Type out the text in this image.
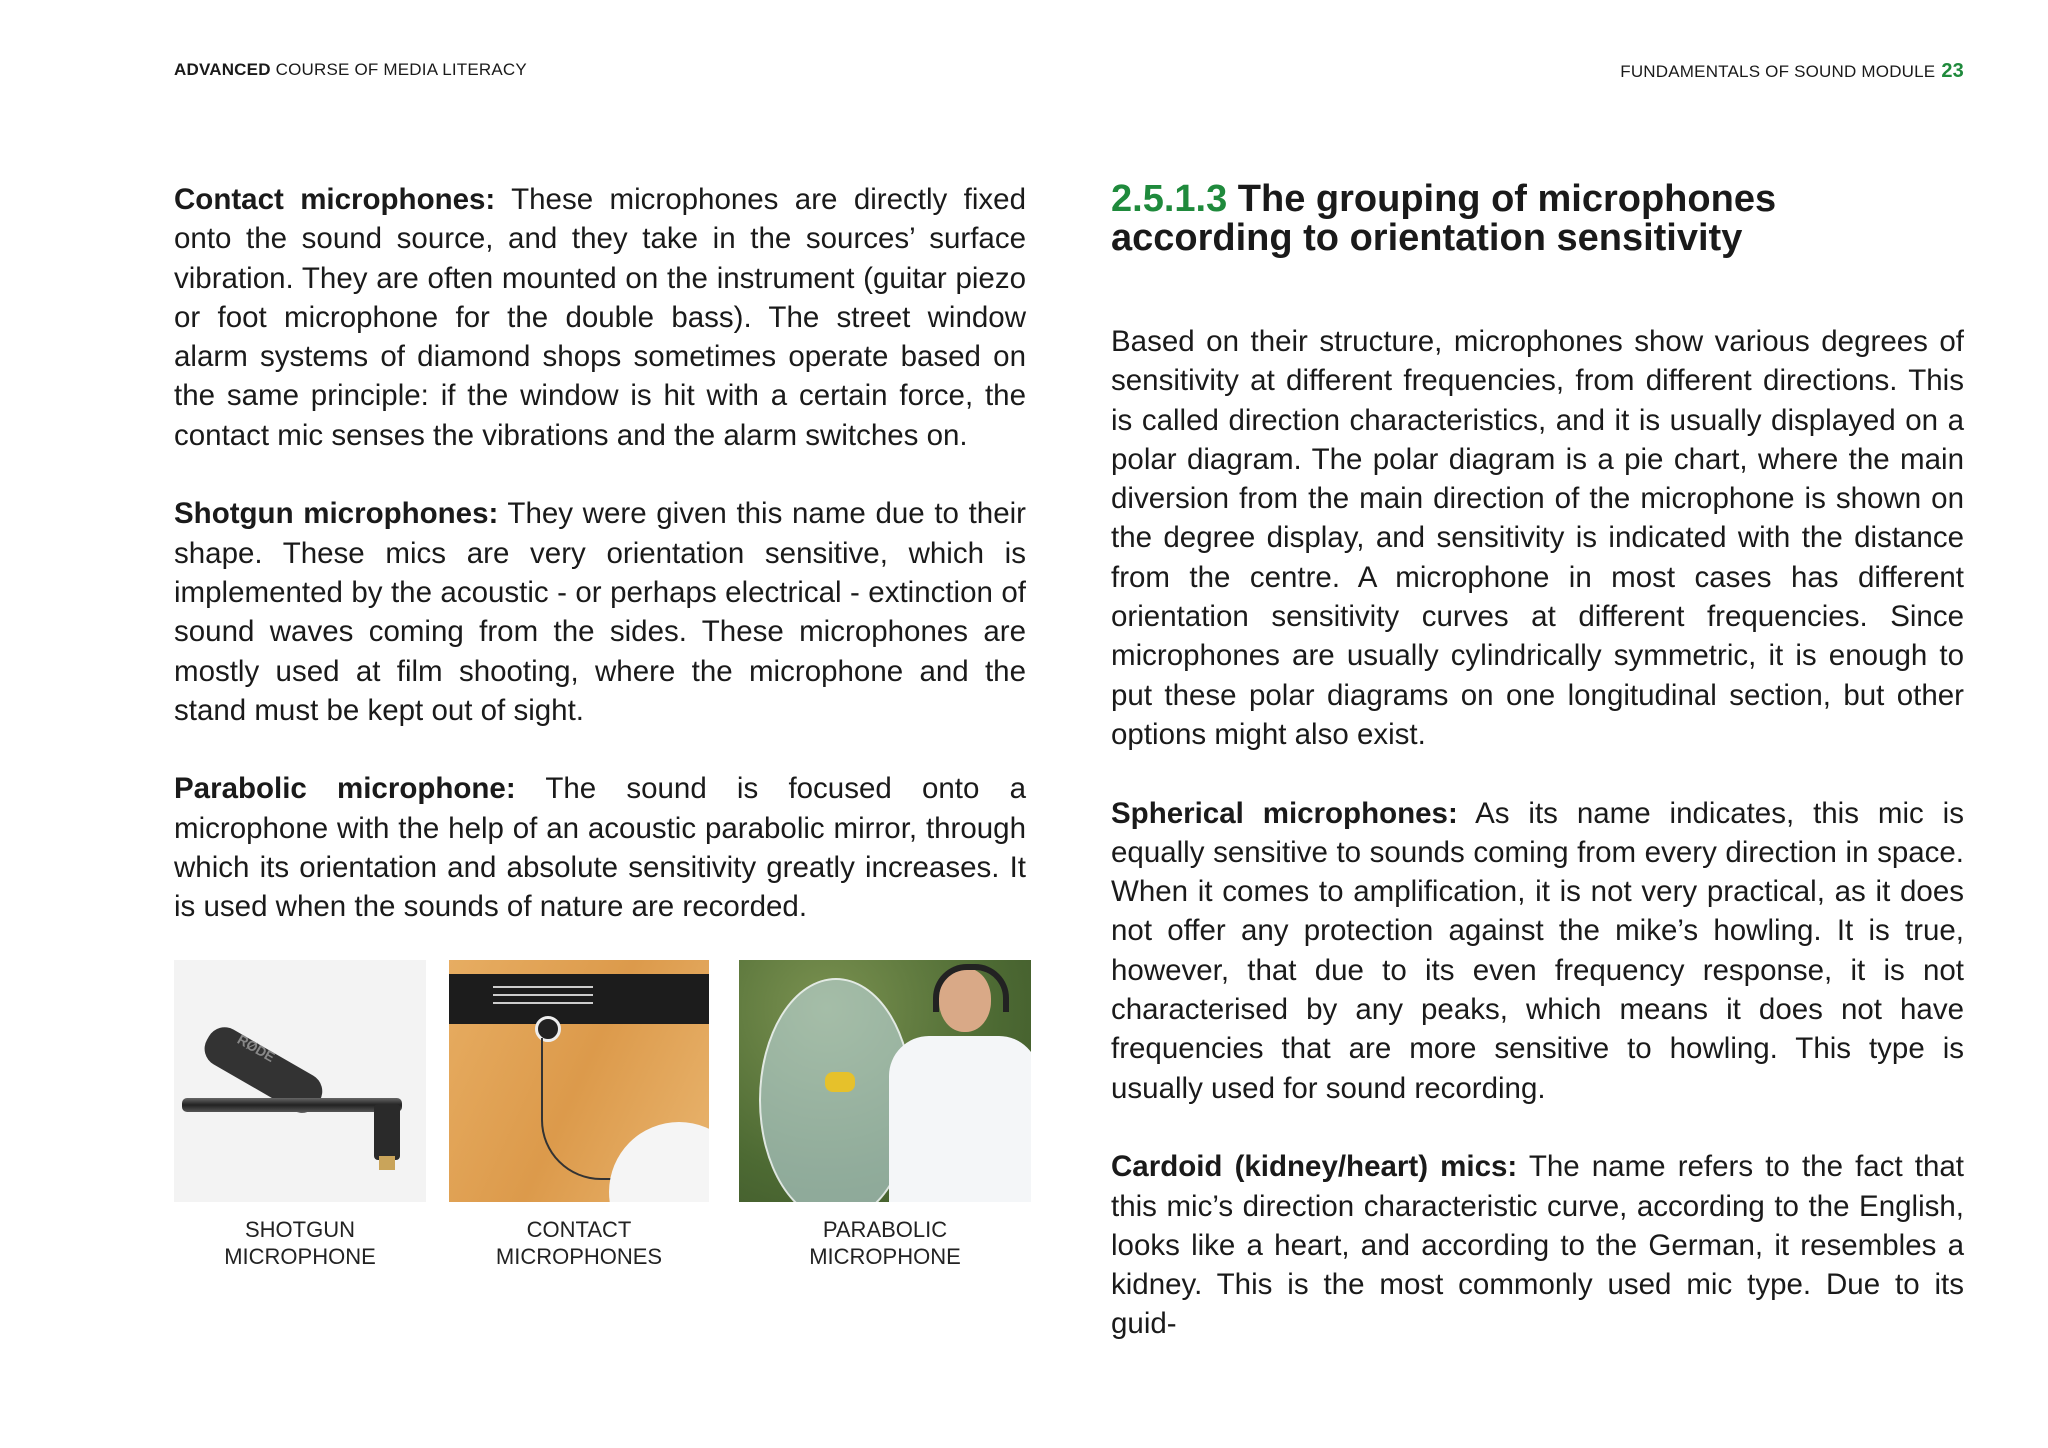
ADVANCED COURSE OF MEDIA LITERACY	FUNDAMENTALS OF SOUND MODULE 23

Contact microphones: These microphones are directly fixed onto the sound source, and they take in the sources’ surface vibration. They are often mounted on the instrument (guitar piezo or foot microphone for the double bass). The street window alarm systems of diamond shops sometimes operate based on the same principle: if the window is hit with a certain force, the contact mic senses the vibrations and the alarm switches on.

Shotgun microphones: They were given this name due to their shape. These mics are very orientation sensitive, which is implemented by the acoustic - or perhaps electrical - extinction of sound waves coming from the sides. These microphones are mostly used at film shooting, where the microphone and the stand must be kept out of sight.

Parabolic microphone: The sound is focused onto a microphone with the help of an acoustic parabolic mirror, through which its orientation and absolute sensitivity greatly increases. It is used when the sounds of nature are recorded.

RØDE
SHOTGUN
MICROPHONE
CONTACT
MICROPHONES
PARABOLIC
MICROPHONE
2.5.1.3 The grouping of microphones according to orientation sensitivity

Based on their structure, microphones show various degrees of sensitivity at different frequencies, from different directions. This is called direction characteristics, and it is usually displayed on a polar diagram. The polar diagram is a pie chart, where the main diversion from the main direction of the microphone is shown on the degree display, and sensitivity is indicated with the distance from the centre. A microphone in most cases has different orientation sensitivity curves at different frequencies. Since microphones are usually cylindrically symmetric, it is enough to put these polar diagrams on one longitudinal section, but other options might also exist.

Spherical microphones: As its name indicates, this mic is equally sensitive to sounds coming from every direction in space. When it comes to amplification, it is not very practical, as it does not offer any protection against the mike’s howling. It is true, however, that due to its even frequency response, it is not characterised by any peaks, which means it does not have frequencies that are more sensitive to howling. This type is usually used for sound recording.

Cardoid (kidney/heart) mics: The name refers to the fact that this mic’s direction characteristic curve, according to the English, looks like a heart, and according to the German, it resembles a kidney. This is the most commonly used mic type. Due to its guid-
